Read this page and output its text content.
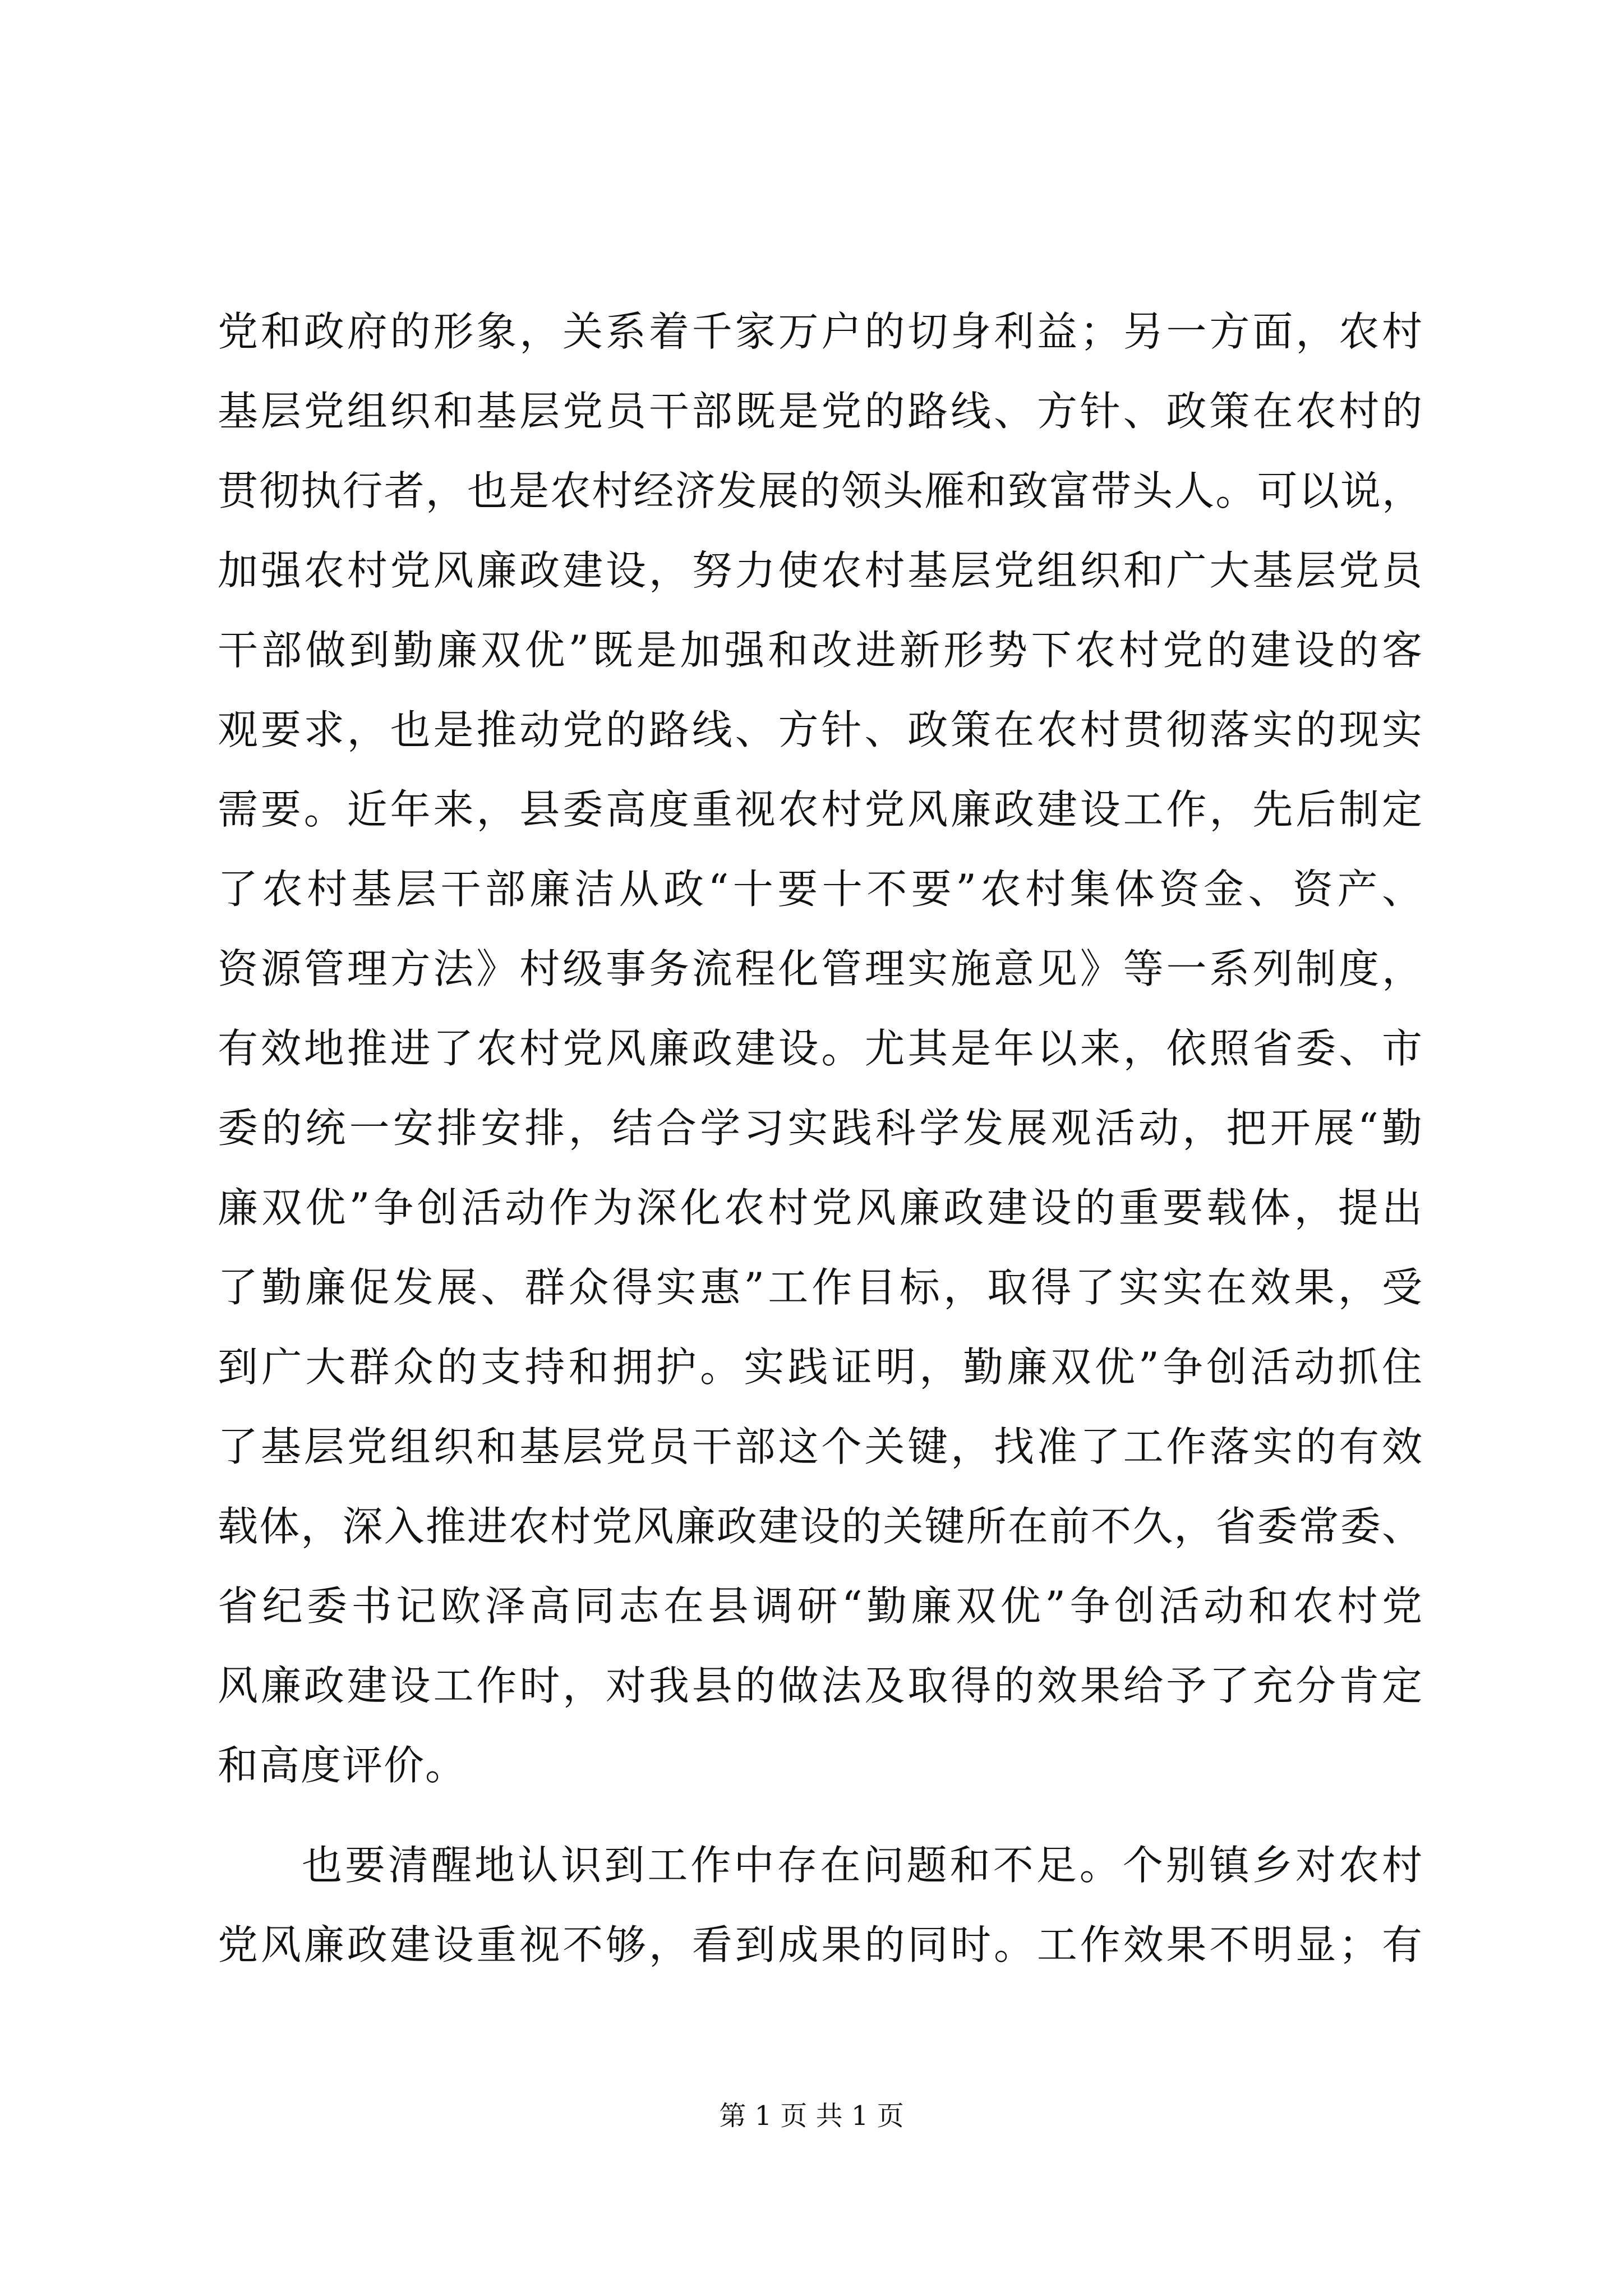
党和政府的形象，关系着千家万户的切身利益；另一方面，农村
基层党组织和基层党员干部既是党的路线、方针、政策在农村的
贯彻执行者，也是农村经济发展的领头雁和致富带头人。可以说，
加强农村党风廉政建设，努力使农村基层党组织和广大基层党员
干部做到勤廉双优”既是加强和改进新形势下农村党的建设的客
观要求，也是推动党的路线、方针、政策在农村贯彻落实的现实
需要。近年来，县委高度重视农村党风廉政建设工作，先后制定
了农村基层干部廉洁从政“十要十不要”农村集体资金、资产、
资源管理方法》村级事务流程化管理实施意见》等一系列制度，
有效地推进了农村党风廉政建设。尤其是年以来，依照省委、市
委的统一安排安排，结合学习实践科学发展观活动，把开展“勤
廉双优”争创活动作为深化农村党风廉政建设的重要载体，提出
了勤廉促发展、群众得实惠”工作目标，取得了实实在效果，受
到广大群众的支持和拥护。实践证明，勤廉双优”争创活动抓住
了基层党组织和基层党员干部这个关键，找准了工作落实的有效
载体，深入推进农村党风廉政建设的关键所在前不久，省委常委、
省纪委书记欧泽高同志在县调研“勤廉双优”争创活动和农村党
风廉政建设工作时，对我县的做法及取得的效果给予了充分肯定
和高度评价。
也要清醒地认识到工作中存在问题和不足。个别镇乡对农村
党风廉政建设重视不够，看到成果的同时。工作效果不明显；有
第 1 页 共 1 页
